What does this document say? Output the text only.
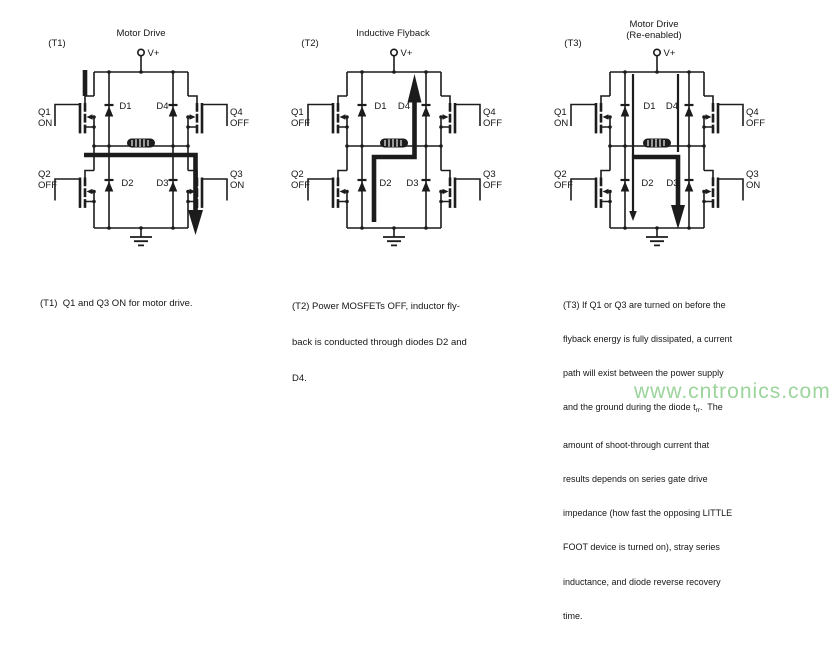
(T1)
Motor Drive
V+
Q1
ON
Q4
OFF
Q2
OFF
Q3
ON
D1	D4
D2 D3
(T2)
Inductive Flyback
V+
Q1
OFF
Q4
OFF
Q2
OFF
Q3
OFF
D1 D4
D2 D3
(T3)
Motor Drive
(Re-enabled)
V+
Q1
ON
Q4
OFF
Q2
OFF
Q3
ON
D1 D4
D2 D3

(T1)  Q1 and Q3 ON for motor drive.

	(T2) Power MOSFETs OFF, inductor fly-

back is conducted through diodes D2 and

D4.

(T3) If Q1 or Q3 are turned on before the

flyback energy is fully dissipated, a current

path will exist between the power supply

and the ground during the diode $t_{rr}$.  The

amount of shoot-through current that

results depends on series gate drive

impedance (how fast the opposing LITTLE

FOOT device is turned on), stray series

inductance, and diode reverse recovery

time.

www.cntronics.com
